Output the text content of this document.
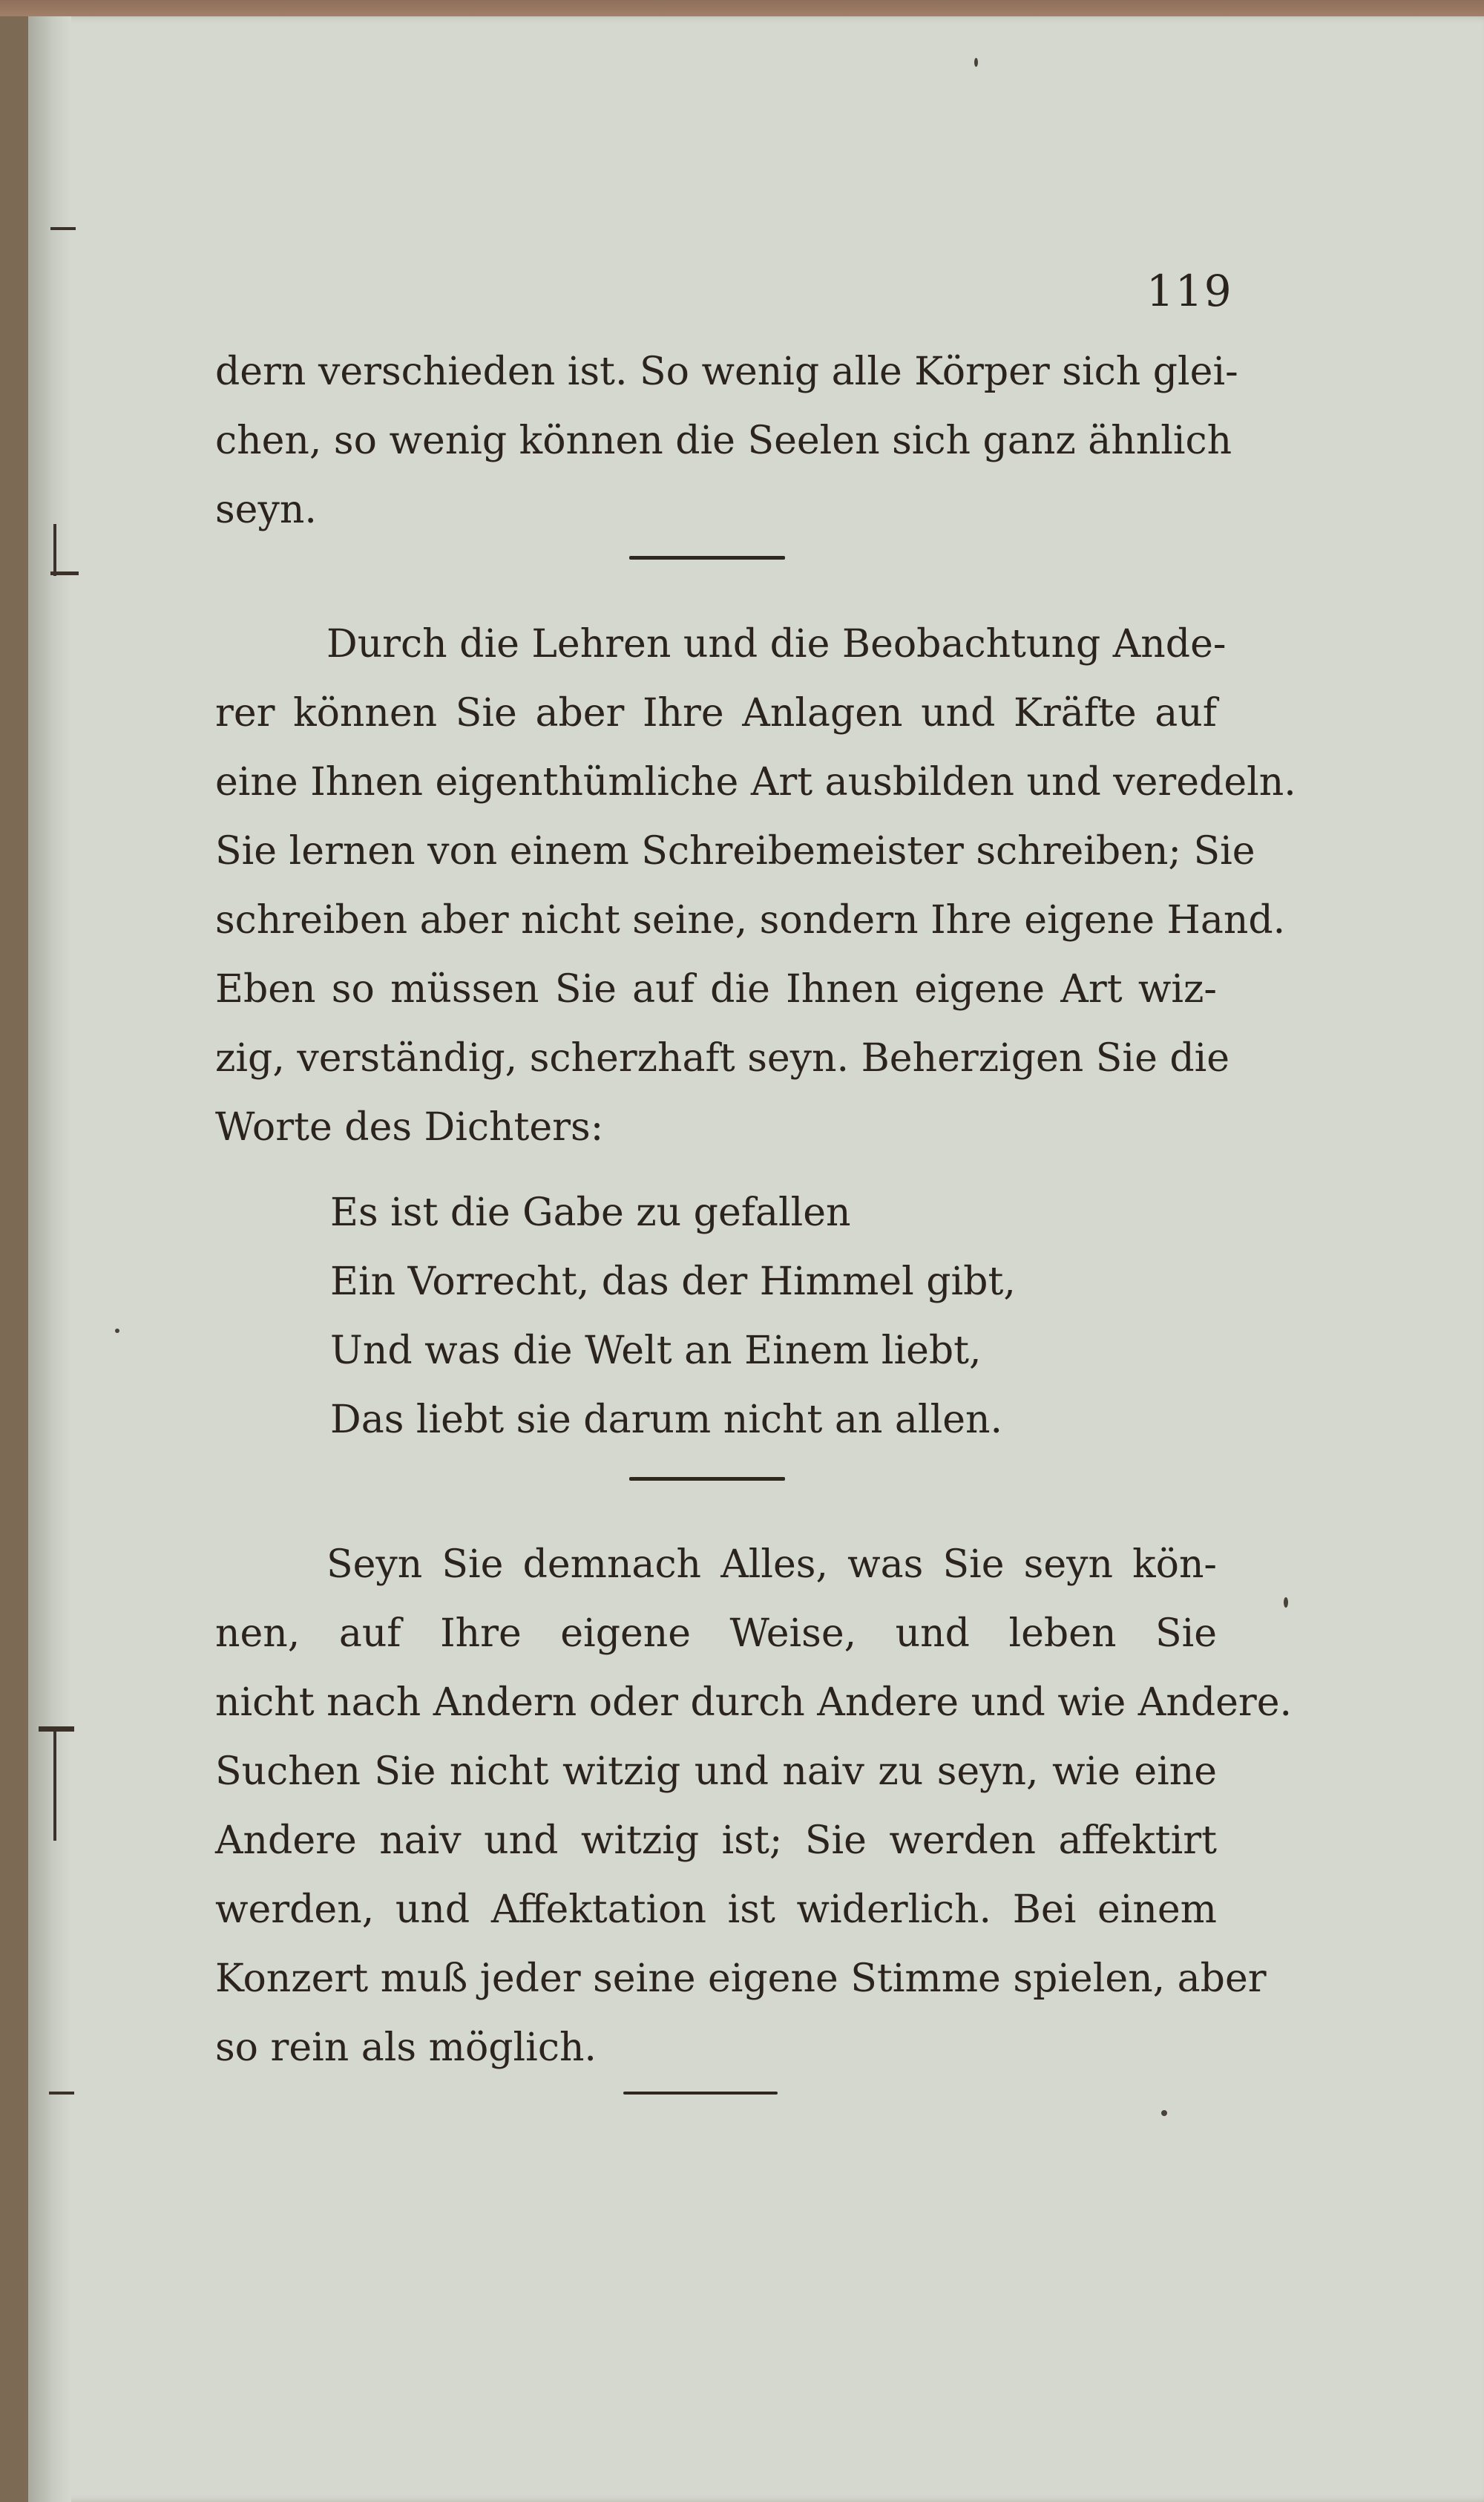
119
dern verschieden ist. So wenig alle Körper sich glei-
chen, so wenig können die Seelen sich ganz ähnlich
seyn.
Durch die Lehren und die Beobachtung Ande-
rer können Sie aber Ihre Anlagen und Kräfte auf
eine Ihnen eigenthümliche Art ausbilden und veredeln.
Sie lernen von einem Schreibemeister schreiben; Sie
schreiben aber nicht seine, sondern Ihre eigene Hand.
Eben so müssen Sie auf die Ihnen eigene Art wiz-
zig, verständig, scherzhaft seyn. Beherzigen Sie die
Worte des Dichters:
Es ist die Gabe zu gefallen
Ein Vorrecht, das der Himmel gibt,
Und was die Welt an Einem liebt,
Das liebt sie darum nicht an allen.
Seyn Sie demnach Alles, was Sie seyn kön-
nen, auf Ihre eigene Weise, und leben Sie
nicht nach Andern oder durch Andere und wie Andere.
Suchen Sie nicht witzig und naiv zu seyn, wie eine
Andere naiv und witzig ist; Sie werden affektirt
werden, und Affektation ist widerlich. Bei einem
Konzert muß jeder seine eigene Stimme spielen, aber
so rein als möglich.
